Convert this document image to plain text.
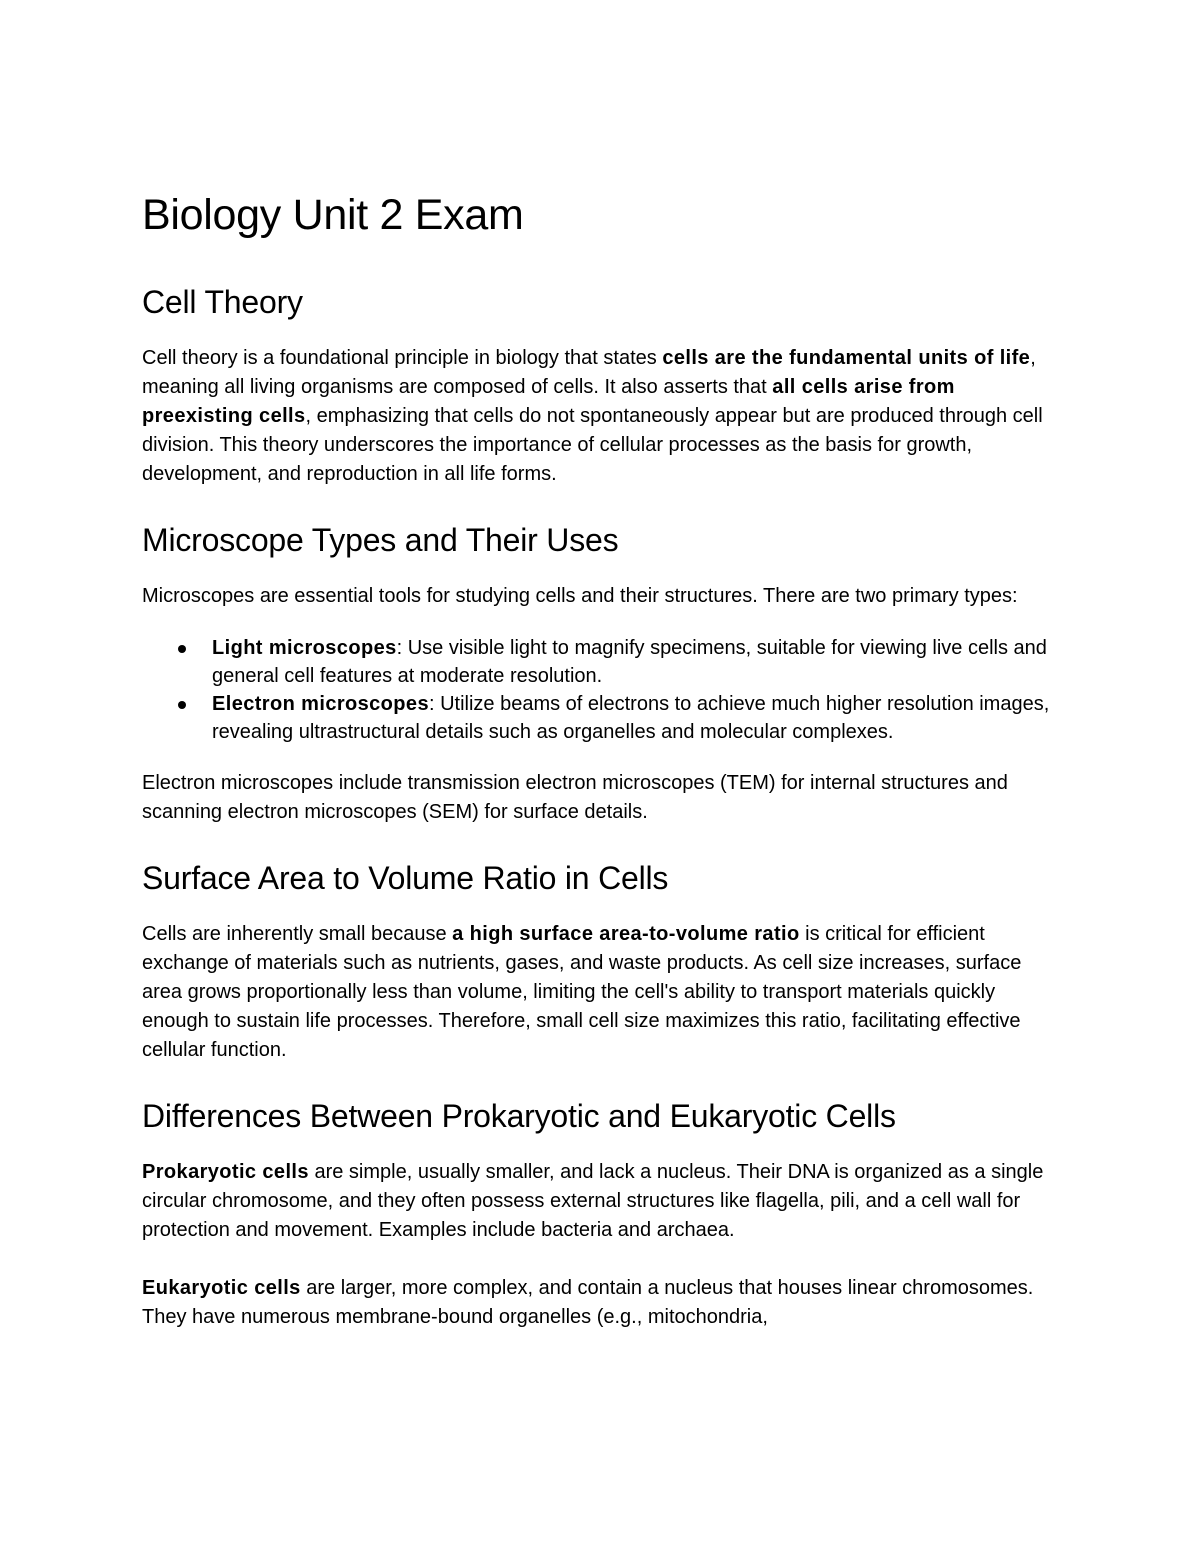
Biology Unit 2 Exam
Cell Theory

Cell theory is a foundational principle in biology that states cells are the fundamental units of life, meaning all living organisms are composed of cells. It also asserts that all cells arise from preexisting cells, emphasizing that cells do not spontaneously appear but are produced through cell division. This theory underscores the importance of cellular processes as the basis for growth, development, and reproduction in all life forms.

Microscope Types and Their Uses

Microscopes are essential tools for studying cells and their structures. There are two primary types:

Light microscopes: Use visible light to magnify specimens, suitable for viewing live cells and general cell features at moderate resolution.
Electron microscopes: Utilize beams of electrons to achieve much higher resolution images, revealing ultrastructural details such as organelles and molecular complexes.

Electron microscopes include transmission electron microscopes (TEM) for internal structures and scanning electron microscopes (SEM) for surface details.

Surface Area to Volume Ratio in Cells

Cells are inherently small because a high surface area-to-volume ratio is critical for efficient exchange of materials such as nutrients, gases, and waste products. As cell size increases, surface area grows proportionally less than volume, limiting the cell's ability to transport materials quickly enough to sustain life processes. Therefore, small cell size maximizes this ratio, facilitating effective cellular function.

Differences Between Prokaryotic and Eukaryotic Cells

Prokaryotic cells are simple, usually smaller, and lack a nucleus. Their DNA is organized as a single circular chromosome, and they often possess external structures like flagella, pili, and a cell wall for protection and movement. Examples include bacteria and archaea.

Eukaryotic cells are larger, more complex, and contain a nucleus that houses linear chromosomes. They have numerous membrane-bound organelles (e.g., mitochondria,
